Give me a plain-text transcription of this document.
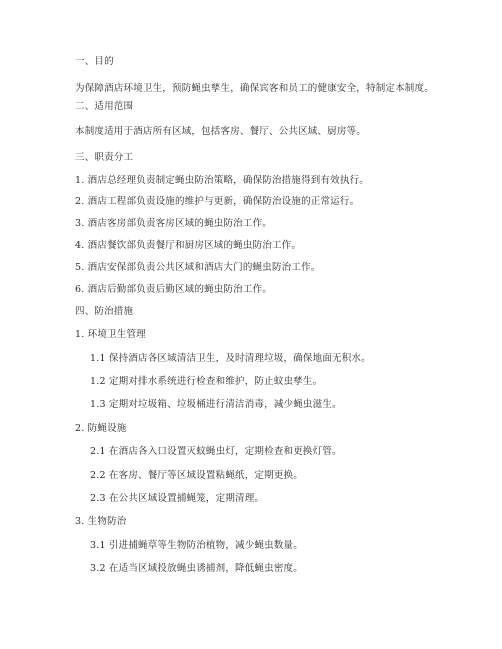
一、目的
为保障酒店环境卫生，预防蝇虫孳生，确保宾客和员工的健康安全，特制定本制度。
二、适用范围
本制度适用于酒店所有区域，包括客房、餐厅、公共区域、厨房等。
三、职责分工
1. 酒店总经理负责制定蝇虫防治策略，确保防治措施得到有效执行。
2. 酒店工程部负责设施的维护与更新，确保防治设施的正常运行。
3. 酒店客房部负责客房区域的蝇虫防治工作。
4. 酒店餐饮部负责餐厅和厨房区域的蝇虫防治工作。
5. 酒店安保部负责公共区域和酒店大门的蝇虫防治工作。
6. 酒店后勤部负责后勤区域的蝇虫防治工作。
四、防治措施
1. 环境卫生管理
1.1 保持酒店各区域清洁卫生，及时清理垃圾，确保地面无积水。
1.2 定期对排水系统进行检查和维护，防止蚊虫孳生。
1.3 定期对垃圾箱、垃圾桶进行清洁消毒，减少蝇虫滋生。
2. 防蝇设施
2.1 在酒店各入口设置灭蚊蝇虫灯，定期检查和更换灯管。
2.2 在客房、餐厅等区域设置粘蝇纸，定期更换。
2.3 在公共区域设置捕蝇笼，定期清理。
3. 生物防治
3.1 引进捕蝇草等生物防治植物，减少蝇虫数量。
3.2 在适当区域投放蝇虫诱捕剂，降低蝇虫密度。
